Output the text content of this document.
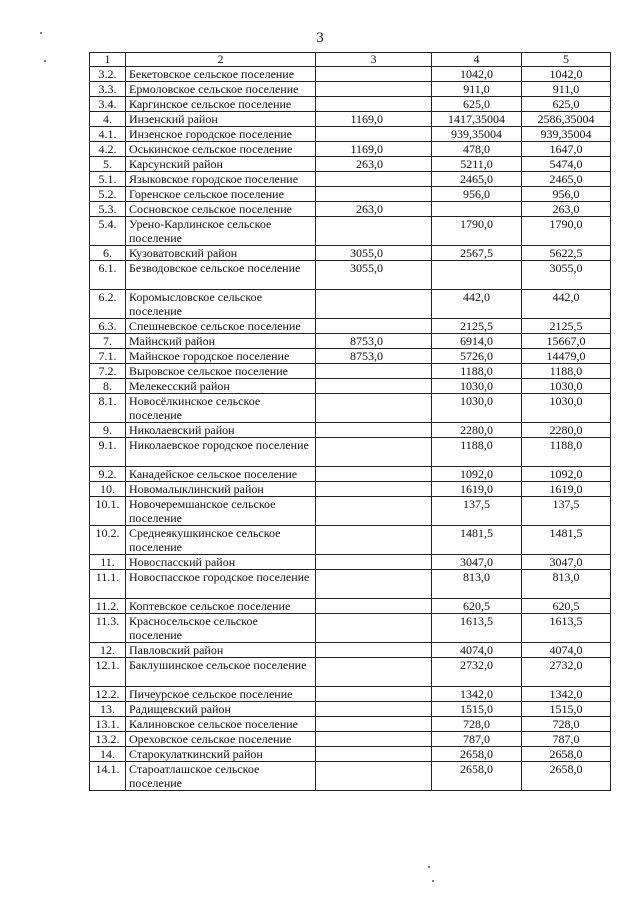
3
1	2	3	4	5
3.2.	Бекетовское сельское поселение		1042,0	1042,0
3.3.	Ермоловское сельское поселение		911,0	911,0
3.4.	Каргинское сельское поселение		625,0	625,0
4.	Инзенский район	1169,0	1417,35004	2586,35004
4.1.	Инзенское городское поселение		939,35004	939,35004
4.2.	Оськинское сельское поселение	1169,0	478,0	1647,0
5.	Карсунский район	263,0	5211,0	5474,0
5.1.	Языковское городское поселение		2465,0	2465,0
5.2.	Горенское сельское поселение		956,0	956,0
5.3.	Сосновское сельское поселение	263,0		263,0
5.4.	Урено-Карлинское сельское поселение		1790,0	1790,0
6.	Кузоватовский район	3055,0	2567,5	5622,5
6.1.	Безводовское сельское поселение	3055,0		3055,0
6.2.	Коромысловское сельское поселение		442,0	442,0
6.3.	Спешневское сельское поселение		2125,5	2125,5
7.	Майнский район	8753,0	6914,0	15667,0
7.1.	Майнское городское поселение	8753,0	5726,0	14479,0
7.2.	Выровское сельское поселение		1188,0	1188,0
8.	Мелекесский район		1030,0	1030,0
8.1.	Новосёлкинское сельское поселение		1030,0	1030,0
9.	Николаевский район		2280,0	2280,0
9.1.	Николаевское городское поселение		1188,0	1188,0
9.2.	Канадейское сельское поселение		1092,0	1092,0
10.	Новомалыклинский район		1619,0	1619,0
10.1.	Новочеремшанское сельское поселение		137,5	137,5
10.2.	Среднеякушкинское сельское поселение		1481,5	1481,5
11.	Новоспасский район		3047,0	3047,0
11.1.	Новоспасское городское поселение		813,0	813,0
11.2.	Коптевское сельское поселение		620,5	620,5
11.3.	Красносельское сельское поселение		1613,5	1613,5
12.	Павловский район		4074,0	4074,0
12.1.	Баклушинское сельское поселение		2732,0	2732,0
12.2.	Пичеурское сельское поселение		1342,0	1342,0
13.	Радищевский район		1515,0	1515,0
13.1.	Калиновское сельское поселение		728,0	728,0
13.2.	Ореховское сельское поселение		787,0	787,0
14.	Старокулаткинский район		2658,0	2658,0
14.1.	Староатлашское сельское поселение		2658,0	2658,0
